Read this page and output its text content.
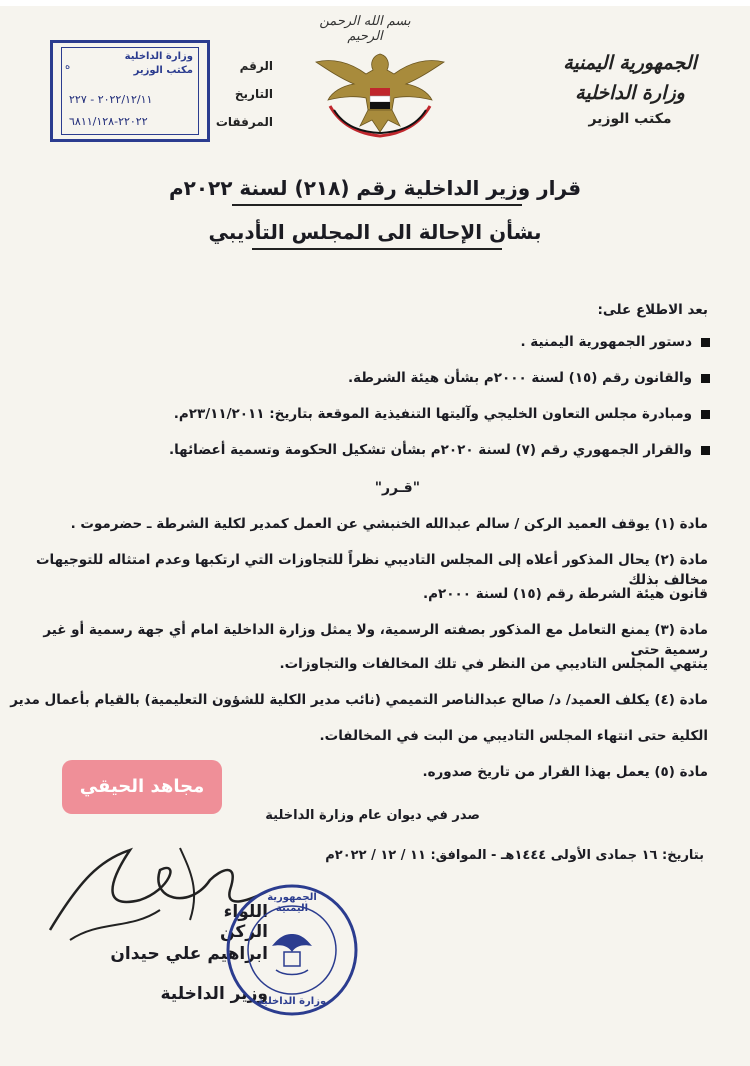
بسم الله الرحمن الرحيم
الجمهورية اليمنية
وزارة الداخلية
مكتب الوزير
الرقم
التاريخ
المرفقات
وزارة الداخلية
مكتب الوزير
٢٠٢٢/١٢/١١ - ٢٢٧
٢٢٠٢٢-٦٨١١/١٢٨
ه
قرار وزير الداخلية رقم (٢١٨) لسنة ٢٠٢٢م
بشأن الإحالة الى المجلس التأديبي
بعد الاطلاع على:
دستور الجمهورية اليمنية .
والقانون رقم (١٥) لسنة ٢٠٠٠م بشأن هيئة الشرطة.
ومبادرة مجلس التعاون الخليجي وآليتها التنفيذية الموقعة بتاريخ: ٢٣/١١/٢٠١١م.
والقرار الجمهوري رقم (٧) لسنة ٢٠٢٠م بشأن تشكيل الحكومة وتسمية أعضائها.
"قـرر"
مادة (١) يوقف العميد الركن / سالم عبدالله الخنبشي عن العمل كمدير لكلية الشرطة ـ حضرموت .
مادة (٢) يحال المذكور أعلاه إلى المجلس التاديبي نظراً للتجاوزات التي ارتكبها وعدم امتثاله للتوجيهات مخالف بذلك
قانون هيئة الشرطة رقم (١٥) لسنة ٢٠٠٠م.
مادة (٣) يمنع التعامل مع المذكور بصفته الرسمية، ولا يمثل وزارة الداخلية امام أي جهة رسمية أو غير رسمية حتى
ينتهي المجلس التاديبي من النظر في تلك المخالفات والتجاوزات.
مادة (٤) يكلف العميد/ د/ صالح عبدالناصر التميمي (نائب مدير الكلية للشؤون التعليمية) بالقيام بأعمال مدير
الكلية حتى انتهاء المجلس التاديبي من البت في المخالفات.
مادة (٥) يعمل بهذا القرار من تاريخ صدوره.
مجاهد الحيقي
صدر في ديوان عام وزارة الداخلية
بتاريخ: ١٦ جمادى الأولى ١٤٤٤هـ - الموافق: ١١ / ١٢ / ٢٠٢٢م
اللواء الركن
ابراهيم علي حيدان
وزير الداخلية
الجمهورية اليمنية
وزارة الداخلية
